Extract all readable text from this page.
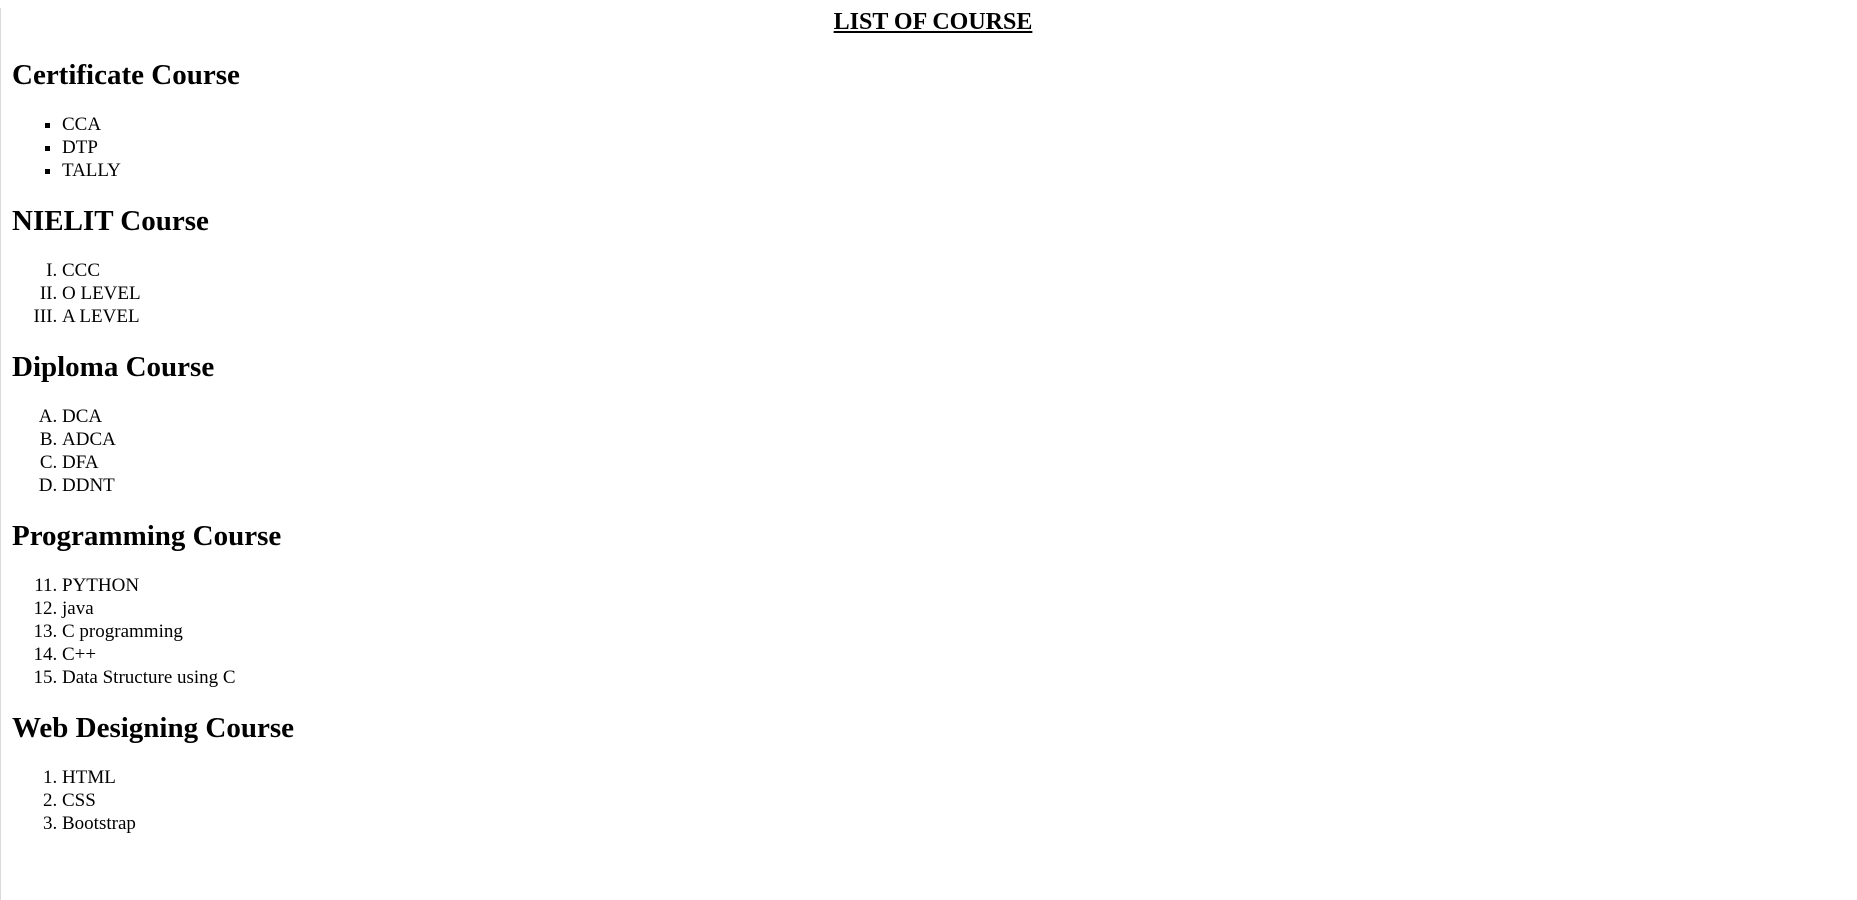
LIST OF COURSE
Certificate Course
▪ CCA
▪ DTP
▪ TALLY
NIELIT Course
I. CCC
II. O LEVEL
III. A LEVEL
Diploma Course
A. DCA
B. ADCA
C. DFA
D. DDNT
Programming Course
11. PYTHON
12. java
13. C programming
14. C++
15. Data Structure using C
Web Designing Course
1. HTML
2. CSS
3. Bootstrap
